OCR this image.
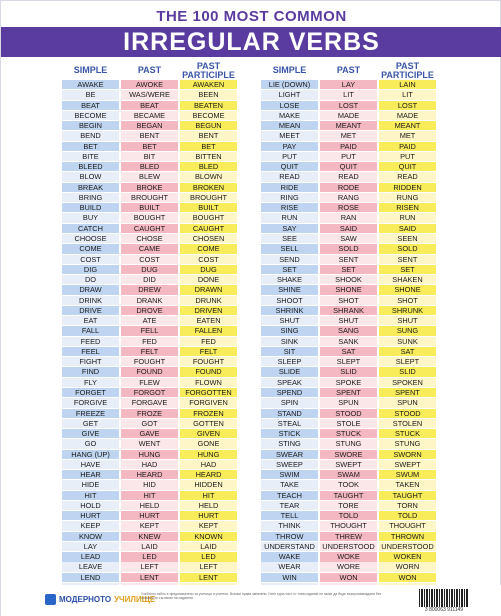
THE 100 MOST COMMON
IRREGULAR VERBS
SIMPLE	PAST	PAST PARTICIPLE	SIMPLE	PAST	PAST PARTICIPLE
AWAKE	AWOKE	AWAKEN
BE	WAS/WERE	BEEN
BEAT	BEAT	BEATEN
BECOME	BECAME	BECOME
BEGIN	BEGAN	BEGUN
BEND	BENT	BENT
BET	BET	BET
BITE	BIT	BITTEN
BLEED	BLED	BLED
BLOW	BLEW	BLOWN
BREAK	BROKE	BROKEN
BRING	BROUGHT	BROUGHT
BUILD	BUILT	BUILT
BUY	BOUGHT	BOUGHT
CATCH	CAUGHT	CAUGHT
CHOOSE	CHOSE	CHOSEN
COME	CAME	COME
COST	COST	COST
DIG	DUG	DUG
DO	DID	DONE
DRAW	DREW	DRAWN
DRINK	DRANK	DRUNK
DRIVE	DROVE	DRIVEN
EAT	ATE	EATEN
FALL	FELL	FALLEN
FEED	FED	FED
FEEL	FELT	FELT
FIGHT	FOUGHT	FOUGHT
FIND	FOUND	FOUND
FLY	FLEW	FLOWN
FORGET	FORGOT	FORGOTTEN
FORGIVE	FORGAVE	FORGIVEN
FREEZE	FROZE	FROZEN
GET	GOT	GOTTEN
GIVE	GAVE	GIVEN
GO	WENT	GONE
HANG (UP)	HUNG	HUNG
HAVE	HAD	HAD
HEAR	HEARD	HEARD
HIDE	HID	HIDDEN
HIT	HIT	HIT
HOLD	HELD	HELD
HURT	HURT	HURT
KEEP	KEPT	KEPT
KNOW	KNEW	KNOWN
LAY	LAID	LAID
LEAD	LED	LED
LEAVE	LEFT	LEFT
LEND	LENT	LENT
LIE (DOWN)	LAY	LAIN
LIGHT	LIT	LIT
LOSE	LOST	LOST
MAKE	MADE	MADE
MEAN	MEANT	MEANT
MEET	MET	MET
PAY	PAID	PAID
PUT	PUT	PUT
QUIT	QUIT	QUIT
READ	READ	READ
RIDE	RODE	RIDDEN
RING	RANG	RUNG
RISE	ROSE	RISEN
RUN	RAN	RUN
SAY	SAID	SAID
SEE	SAW	SEEN
SELL	SOLD	SOLD
SEND	SENT	SENT
SET	SET	SET
SHAKE	SHOOK	SHAKEN
SHINE	SHONE	SHONE
SHOOT	SHOT	SHOT
SHRINK	SHRANK	SHRUNK
SHUT	SHUT	SHUT
SING	SANG	SUNG
SINK	SANK	SUNK
SIT	SAT	SAT
SLEEP	SLEPT	SLEPT
SLIDE	SLID	SLID
SPEAK	SPOKE	SPOKEN
SPEND	SPENT	SPENT
SPIN	SPUN	SPUN
STAND	STOOD	STOOD
STEAL	STOLE	STOLEN
STICK	STUCK	STUCK
STING	STUNG	STUNG
SWEAR	SWORE	SWORN
SWEEP	SWEPT	SWEPT
SWIM	SWAM	SWUM
TAKE	TOOK	TAKEN
TEACH	TAUGHT	TAUGHT
TEAR	TORE	TORN
TELL	TOLD	TOLD
THINK	THOUGHT	THOUGHT
THROW	THREW	THROWN
UNDERSTAND UNDERSTOOD UNDERSTOOD
WAKE	WOKE	WOKEN
WEAR	WORE	WORN
WIN	WON	WON
МОДЕРНОТО УЧИЛИЩЕ
Учебното табло е предназначено за ученици и учители. Всички права запазени. Нито една част от това издание не може да бъде възпроизвеждана без писменото съгласие на издателя.
3 800063 911149
